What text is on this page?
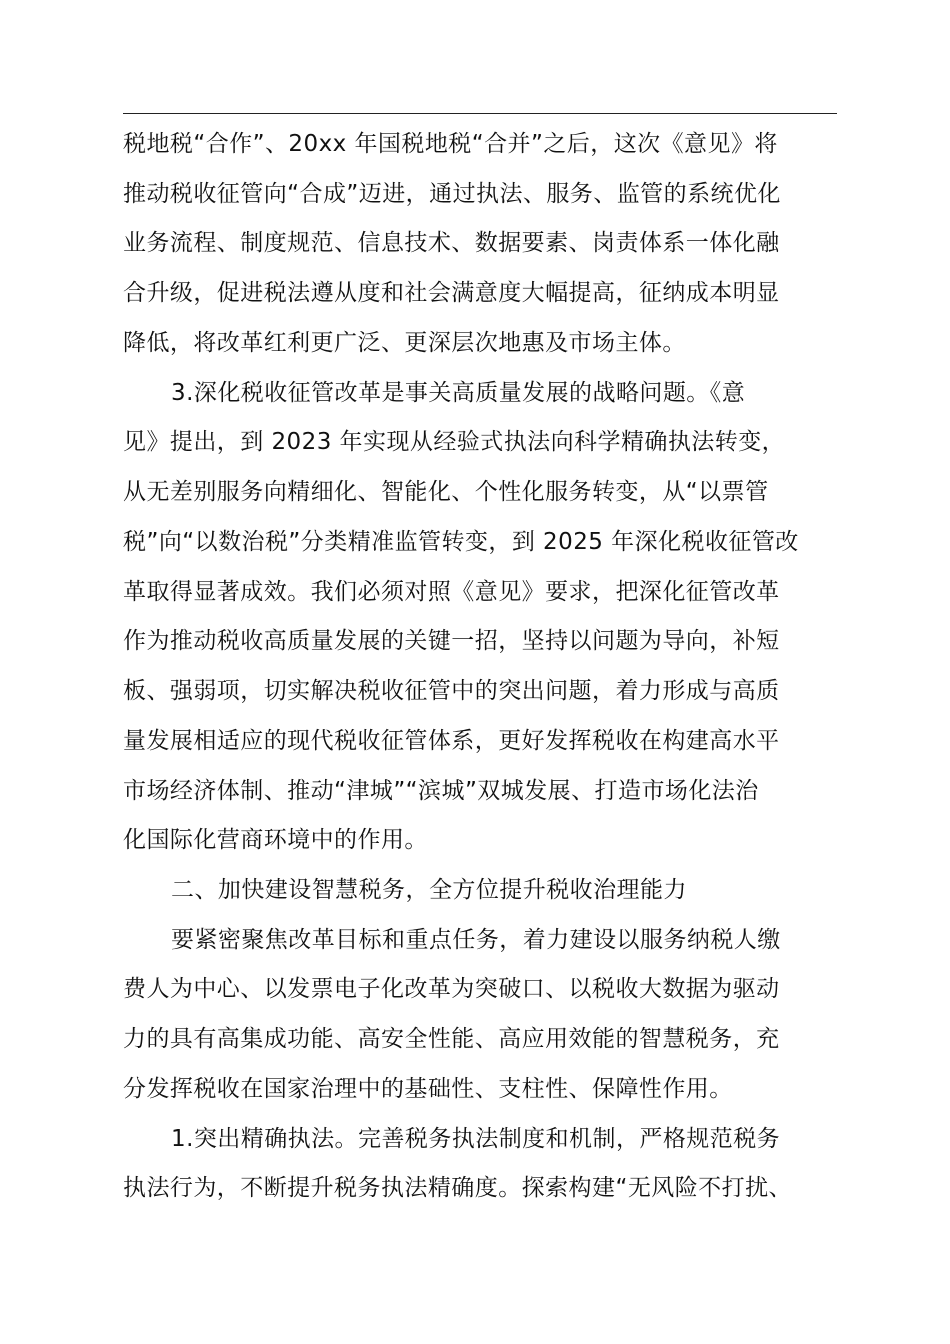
税地税“合作”、20xx 年国税地税“合并”之后，这次《意见》将
推动税收征管向“合成”迈进，通过执法、服务、监管的系统优化
业务流程、制度规范、信息技术、数据要素、岗责体系一体化融
合升级，促进税法遵从度和社会满意度大幅提高，征纳成本明显
降低，将改革红利更广泛、更深层次地惠及市场主体。
3.深化税收征管改革是事关高质量发展的战略问题。《意
见》提出，到 2023 年实现从经验式执法向科学精确执法转变，
从无差别服务向精细化、智能化、个性化服务转变，从“以票管
税”向“以数治税”分类精准监管转变，到 2025 年深化税收征管改
革取得显著成效。我们必须对照《意见》要求，把深化征管改革
作为推动税收高质量发展的关键一招，坚持以问题为导向，补短
板、强弱项，切实解决税收征管中的突出问题，着力形成与高质
量发展相适应的现代税收征管体系，更好发挥税收在构建高水平
市场经济体制、推动“津城”“滨城”双城发展、打造市场化法治
化国际化营商环境中的作用。
二、加快建设智慧税务，全方位提升税收治理能力
要紧密聚焦改革目标和重点任务，着力建设以服务纳税人缴
费人为中心、以发票电子化改革为突破口、以税收大数据为驱动
力的具有高集成功能、高安全性能、高应用效能的智慧税务，充
分发挥税收在国家治理中的基础性、支柱性、保障性作用。
1.突出精确执法。完善税务执法制度和机制，严格规范税务
执法行为，不断提升税务执法精确度。探索构建“无风险不打扰、
